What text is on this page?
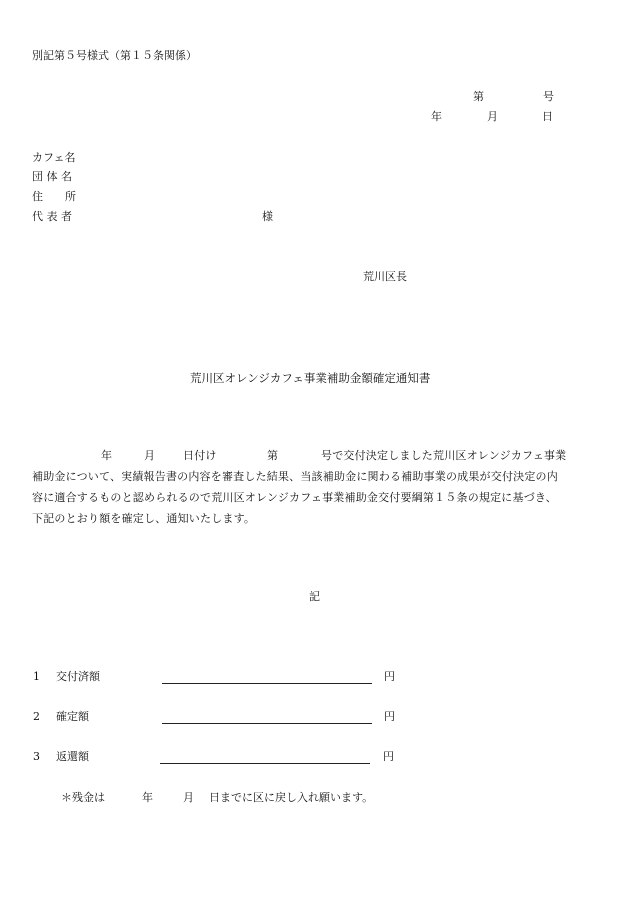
別記第５号様式（第１５条関係）
第	号
年	月	日
カフェ名
団 体 名
住　　所
代 表 者	様
荒川区長
荒川区オレンジカフェ事業補助金額確定通知書
年	月	日付け	第	号で交付決定しました荒川区オレンジカフェ事業
補助金について、実績報告書の内容を審査した結果、当該補助金に関わる補助事業の成果が交付決定の内
容に適合するものと認められるので荒川区オレンジカフェ事業補助金交付要綱第１５条の規定に基づき、
下記のとおり額を確定し、通知いたします。
記
1 交付済額	円
2 確定額	円
3 返還額	円
＊残金は	年	月 日までに区に戻し入れ願います。
